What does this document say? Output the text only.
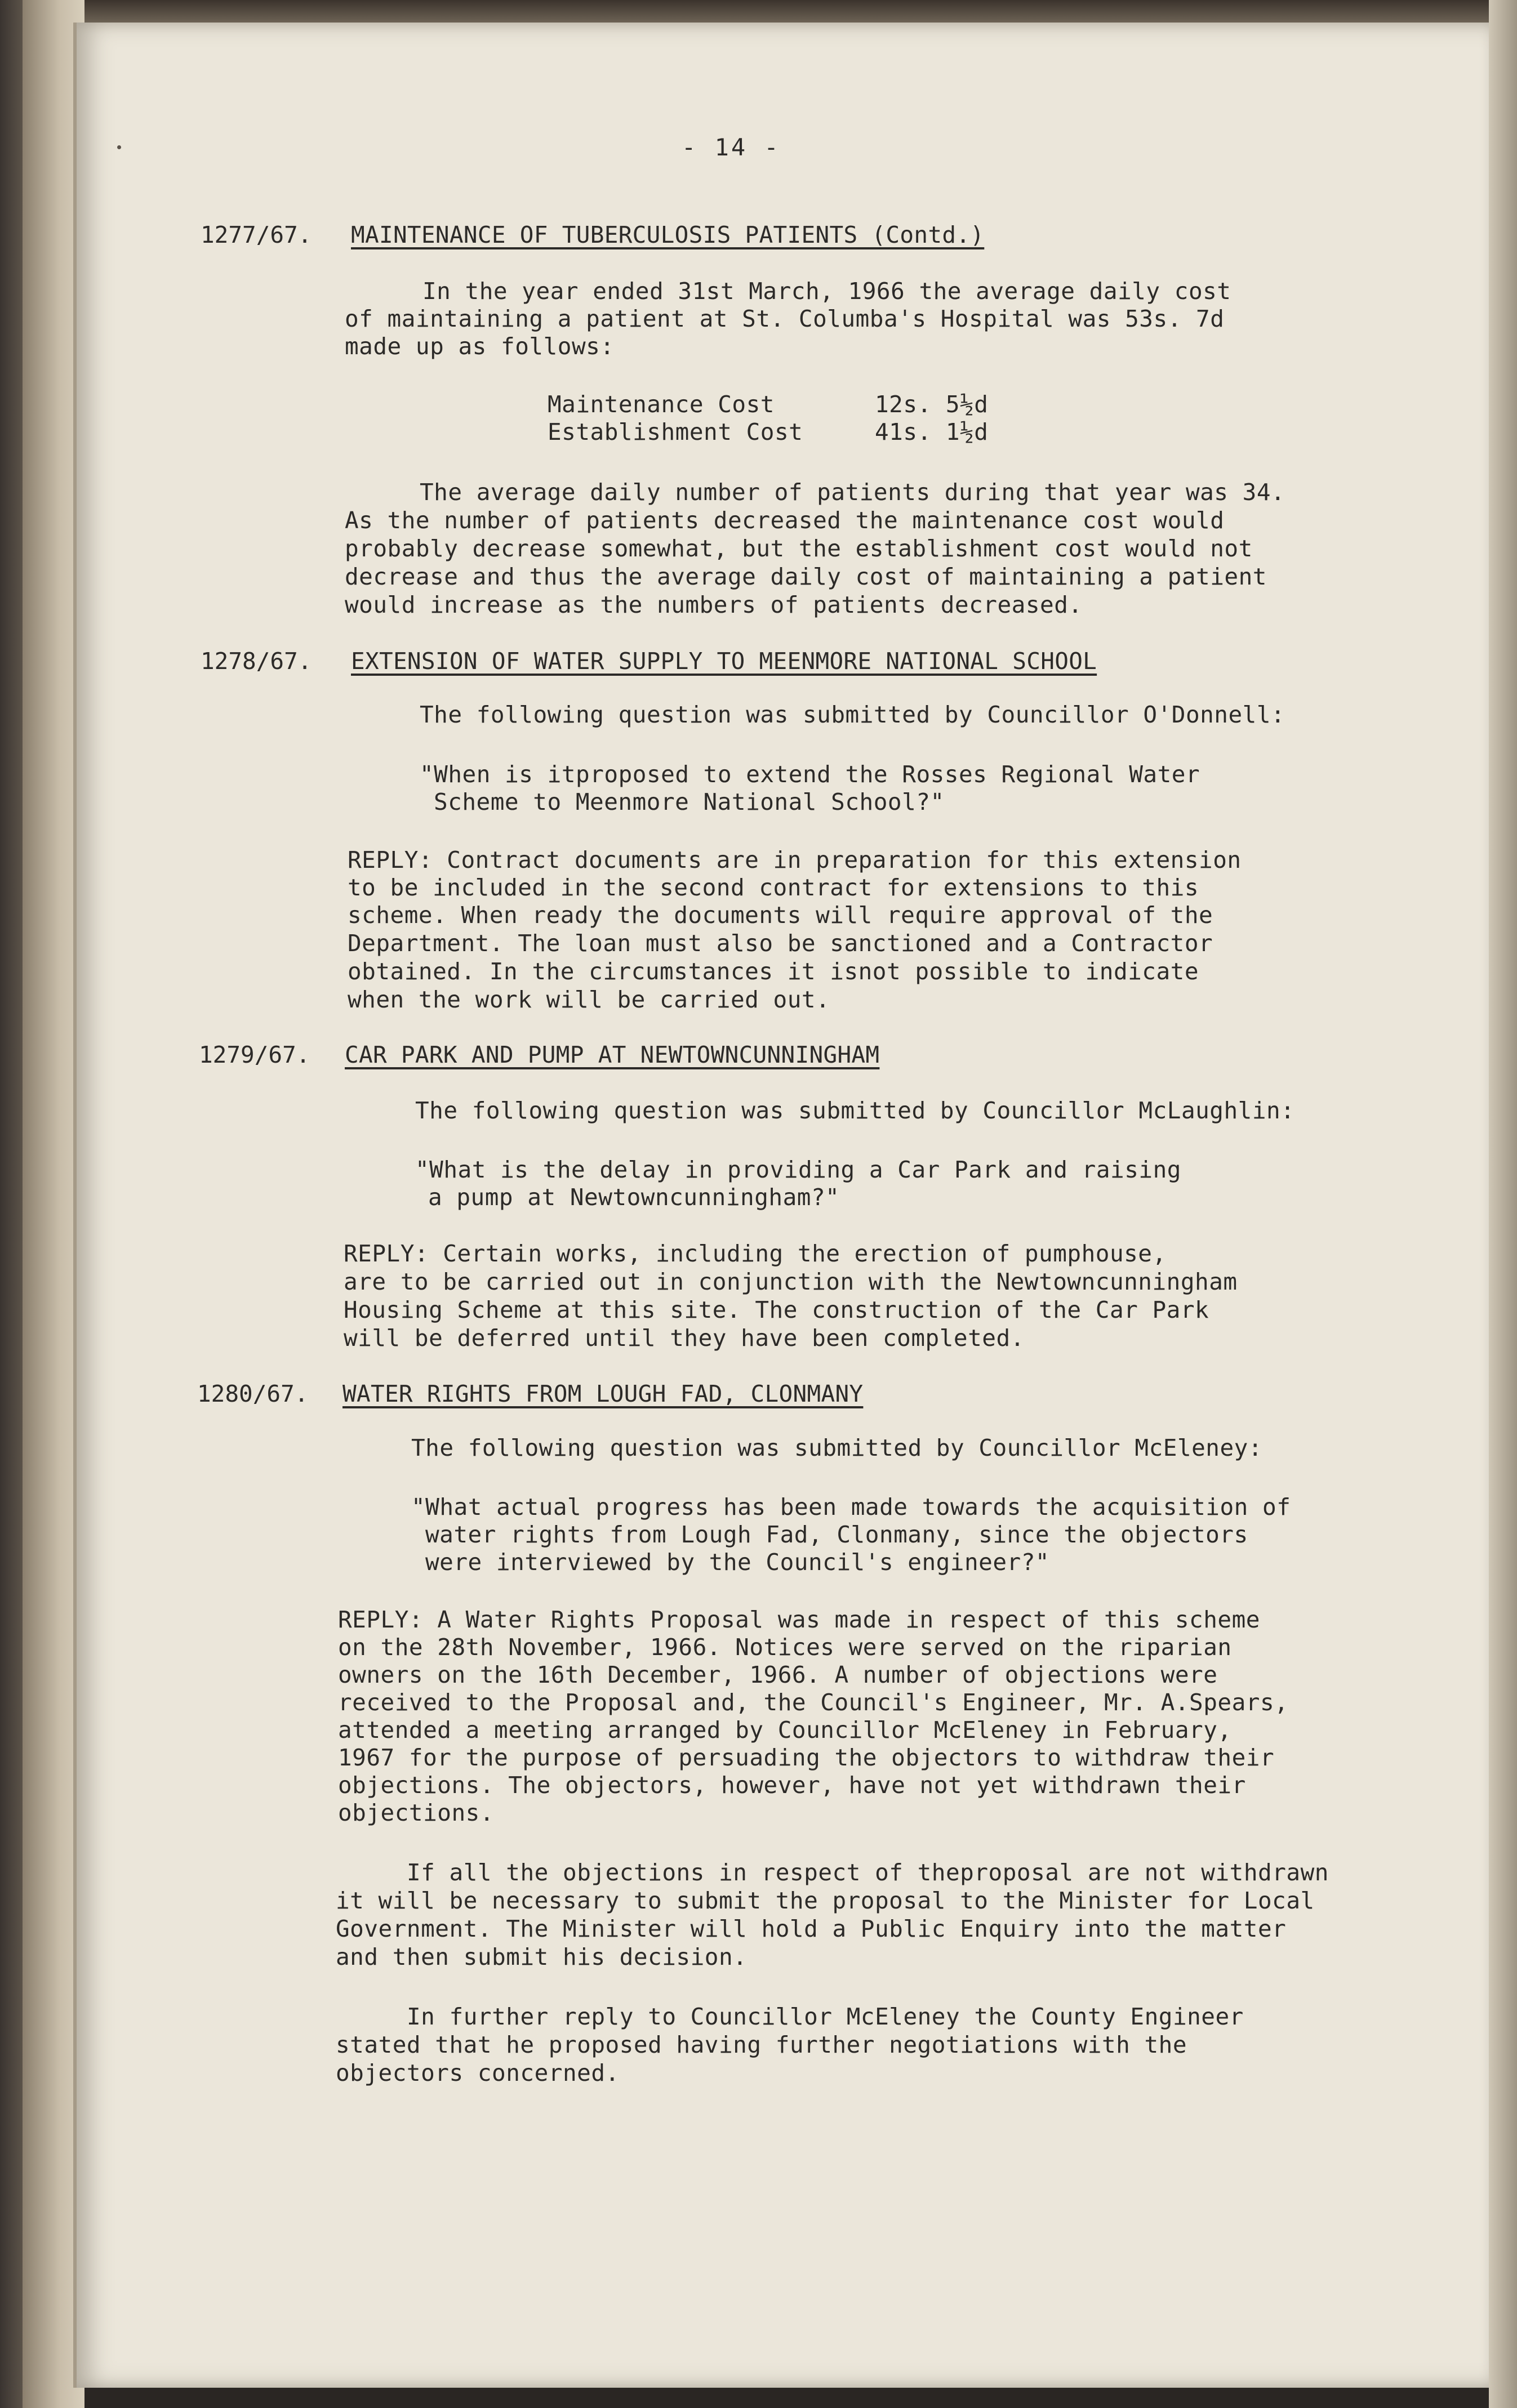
- 14 -
1277/67. MAINTENANCE OF TUBERCULOSIS PATIENTS (Contd.)
In the year ended 31st March, 1966 the average daily cost
of maintaining a patient at St. Columba's Hospital was 53s. 7d
made up as follows:
Maintenance Cost	12s. 5½d
Establishment Cost	41s. 1½d
The average daily number of patients during that year was 34.
As the number of patients decreased the maintenance cost would
probably decrease somewhat, but the establishment cost would not
decrease and thus the average daily cost of maintaining a patient
would increase as the numbers of patients decreased.
1278/67. EXTENSION OF WATER SUPPLY TO MEENMORE NATIONAL SCHOOL
The following question was submitted by Councillor O'Donnell:
"When is itproposed to extend the Rosses Regional Water
Scheme to Meenmore National School?"
REPLY: Contract documents are in preparation for this extension
to be included in the second contract for extensions to this
scheme. When ready the documents will require approval of the
Department. The loan must also be sanctioned and a Contractor
obtained. In the circumstances it isnot possible to indicate
when the work will be carried out.
1279/67. CAR PARK AND PUMP AT NEWTOWNCUNNINGHAM
The following question was submitted by Councillor McLaughlin:
"What is the delay in providing a Car Park and raising
a pump at Newtowncunningham?"
REPLY: Certain works, including the erection of pumphouse,
are to be carried out in conjunction with the Newtowncunningham
Housing Scheme at this site. The construction of the Car Park
will be deferred until they have been completed.
1280/67. WATER RIGHTS FROM LOUGH FAD, CLONMANY
The following question was submitted by Councillor McEleney:
"What actual progress has been made towards the acquisition of
water rights from Lough Fad, Clonmany, since the objectors
were interviewed by the Council's engineer?"
REPLY: A Water Rights Proposal was made in respect of this scheme
on the 28th November, 1966. Notices were served on the riparian
owners on the 16th December, 1966. A number of objections were
received to the Proposal and, the Council's Engineer, Mr. A.Spears,
attended a meeting arranged by Councillor McEleney in February,
1967 for the purpose of persuading the objectors to withdraw their
objections. The objectors, however, have not yet withdrawn their
objections.
If all the objections in respect of theproposal are not withdrawn
it will be necessary to submit the proposal to the Minister for Local
Government. The Minister will hold a Public Enquiry into the matter
and then submit his decision.
In further reply to Councillor McEleney the County Engineer
stated that he proposed having further negotiations with the
objectors concerned.
